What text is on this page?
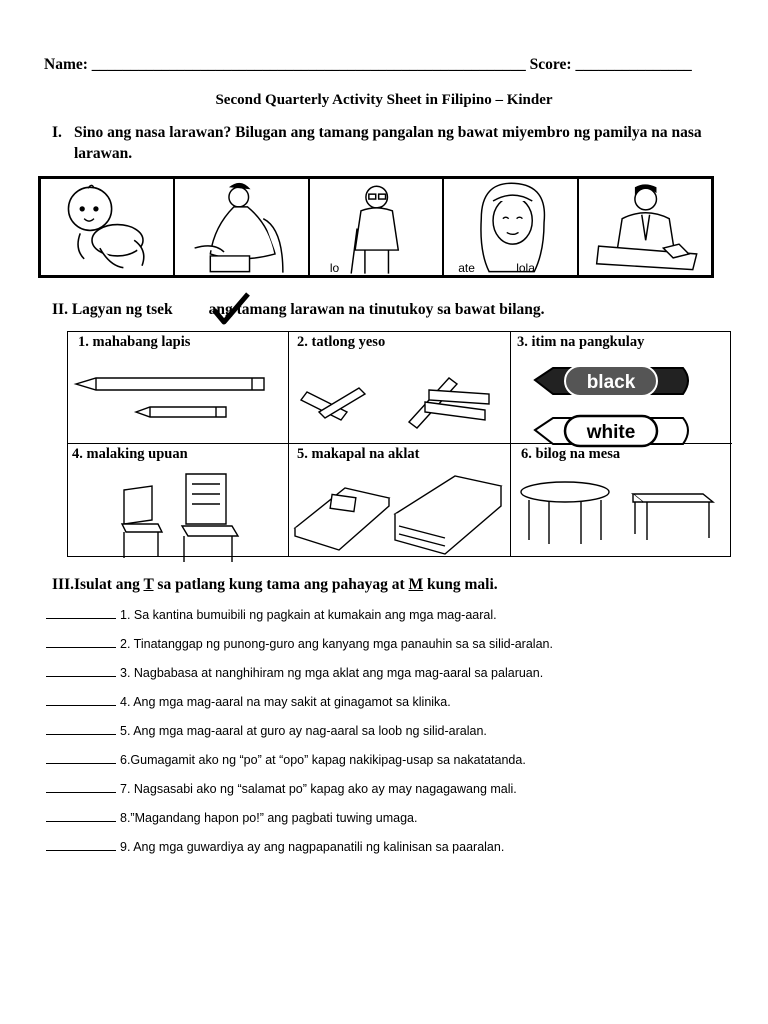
Name: ________________________________________________________ Score: _______________
Second Quarterly Activity Sheet in Filipino – Kinder
I. Sino ang nasa larawan? Bilugan ang tamang pangalan ng bawat miyembro ng pamilya na nasa larawan.
lo	ate	lola
II. Lagyan ng tsek ang tamang larawan na tinutukoy sa bawat bilang.
1. mahabang lapis	2. tatlong yeso	3. itim na pangkulay
black
white
4. malaking upuan	5. makapal na aklat	6. bilog na mesa
III.Isulat ang T sa patlang kung tama ang pahayag at M kung mali.
1. Sa kantina bumuibili ng pagkain at kumakain ang mga mag-aaral.
2. Tinatanggap ng punong-guro ang kanyang mga panauhin sa sa silid-aralan.
3. Nagbabasa at nanghihiram ng mga aklat ang mga mag-aaral sa palaruan.
4. Ang mga mag-aaral na may sakit at ginagamot sa klinika.
5. Ang mga mag-aaral at guro ay nag-aaral sa loob ng silid-aralan.
6.Gumagamit ako ng “po” at “opo” kapag nakikipag-usap sa nakatatanda.
7. Nagsasabi ako ng “salamat po” kapag ako ay may nagagawang mali.
8.”Magandang hapon po!” ang pagbati tuwing umaga.
9. Ang mga guwardiya ay ang nagpapanatili ng kalinisan sa paaralan.
